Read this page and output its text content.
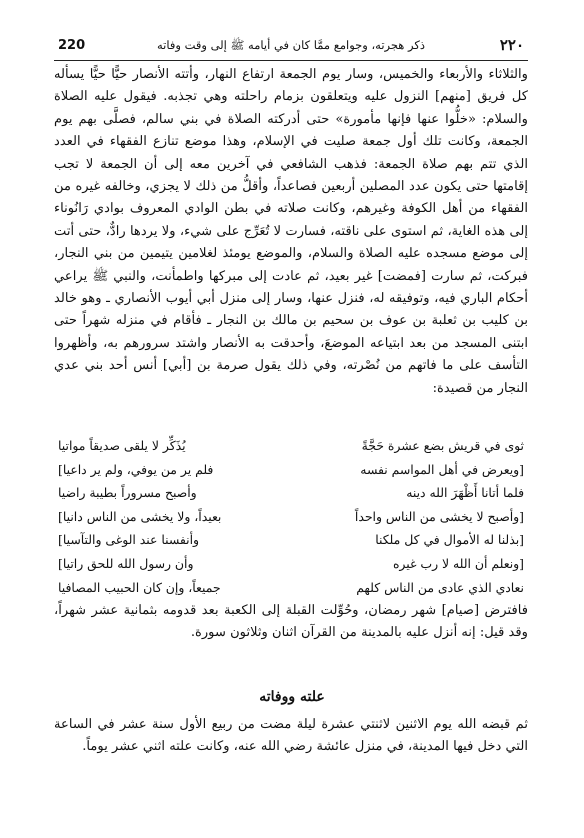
220	ذكر هجرته، وجوامع ممَّا كان في أيامه ﷺ إلى وقت وفاته	٢٢٠

والثلاثاء والأربعاء والخميس، وسار يوم الجمعة ارتفاع النهار، وأتته الأنصار حيًّا حيًّا يسأله كل فريق [منهم] النزول عليه ويتعلقون بزمام راحلته وهي تجذبه. فيقول عليه الصلاة والسلام: «خلُّوا عنها فإنها مأمورة» حتى أدركته الصلاة في بني سالم، فصلَّى بهم يوم الجمعة، وكانت تلك أول جمعة صليت في الإسلام، وهذا موضع تنازع الفقهاء في العدد الذي تتم بهم صلاة الجمعة: فذهب الشافعي في آخرين معه إلى أن الجمعة لا تجب إقامتها حتى يكون عدد المصلين أربعين فصاعداً، وأقلُّ من ذلك لا يجزي، وخالفه غيره من الفقهاء من أهل الكوفة وغيرهم، وكانت صلاته في بطن الوادي المعروف بوادي رَانُوناء إلى هذه الغاية، ثم استوى على ناقته، فسارت لا تُعَرِّج على شيء، ولا يردها رادٌّ، حتى أتت إلى موضع مسجده عليه الصلاة والسلام، والموضع يومئذ لغلامين يتيمين من بني النجار، فبركت، ثم سارت [فمضت] غير بعيد، ثم عادت إلى مبركها واطمأنت، والنبي ﷺ يراعي أحكام الباري فيه، وتوفيقه له، فنزل عنها، وسار إلى منزل أبي أيوب الأنصاري ـ وهو خالد بن كليب بن ثعلبة بن عوف بن سحيم بن مالك بن النجار ـ فأقام في منزله شهراً حتى ابتنى المسجد من بعد ابتياعه الموضعَ، وأحدقت به الأنصار واشتد سرورهم به، وأظهروا التأسف على ما فاتهم من نُصْرته، وفي ذلك يقول صرمة بن [أبي] أنس أحد بني عدي النجار من قصيدة:

ثوى في قريش بضع عشرة حَجَّةً
يُذَكِّر لا يلقى صديقاً مواتيا
[ويعرض في أهل المواسم نفسه
فلم ير من يوفي، ولم ير داعيا]
فلما أتانا أَظْهَرَ الله دينه
وأصبح مسروراً بطيبة راضيا
[وأصبح لا يخشى من الناس واحداً
بعيداً، ولا يخشى من الناس دانيا]
[بذلنا له الأموال في كل ملكنا
وأنفسنا عند الوغى والتآسيا]
[ونعلم أن الله لا رب غيره
وأن رسول الله للحق راتيا]
نعادي الذي عادى من الناس كلهم
جميعاً، وإن كان الحبيب المصافيا
فافترض [صيام] شهر رمضان، وحُوِّلت القبلة إلى الكعبة بعد قدومه بثمانية عشر شهراً، وقد قيل: إنه أنزل عليه بالمدينة من القرآن اثنان وثلاثون سورة.
علته ووفاته
ثم قبضه الله يوم الاثنين لاثنتي عشرة ليلة مضت من ربيع الأول سنة عشر في الساعة التي دخل فيها المدينة، في منزل عائشة رضي الله عنه، وكانت علته اثني عشر يوماً.
